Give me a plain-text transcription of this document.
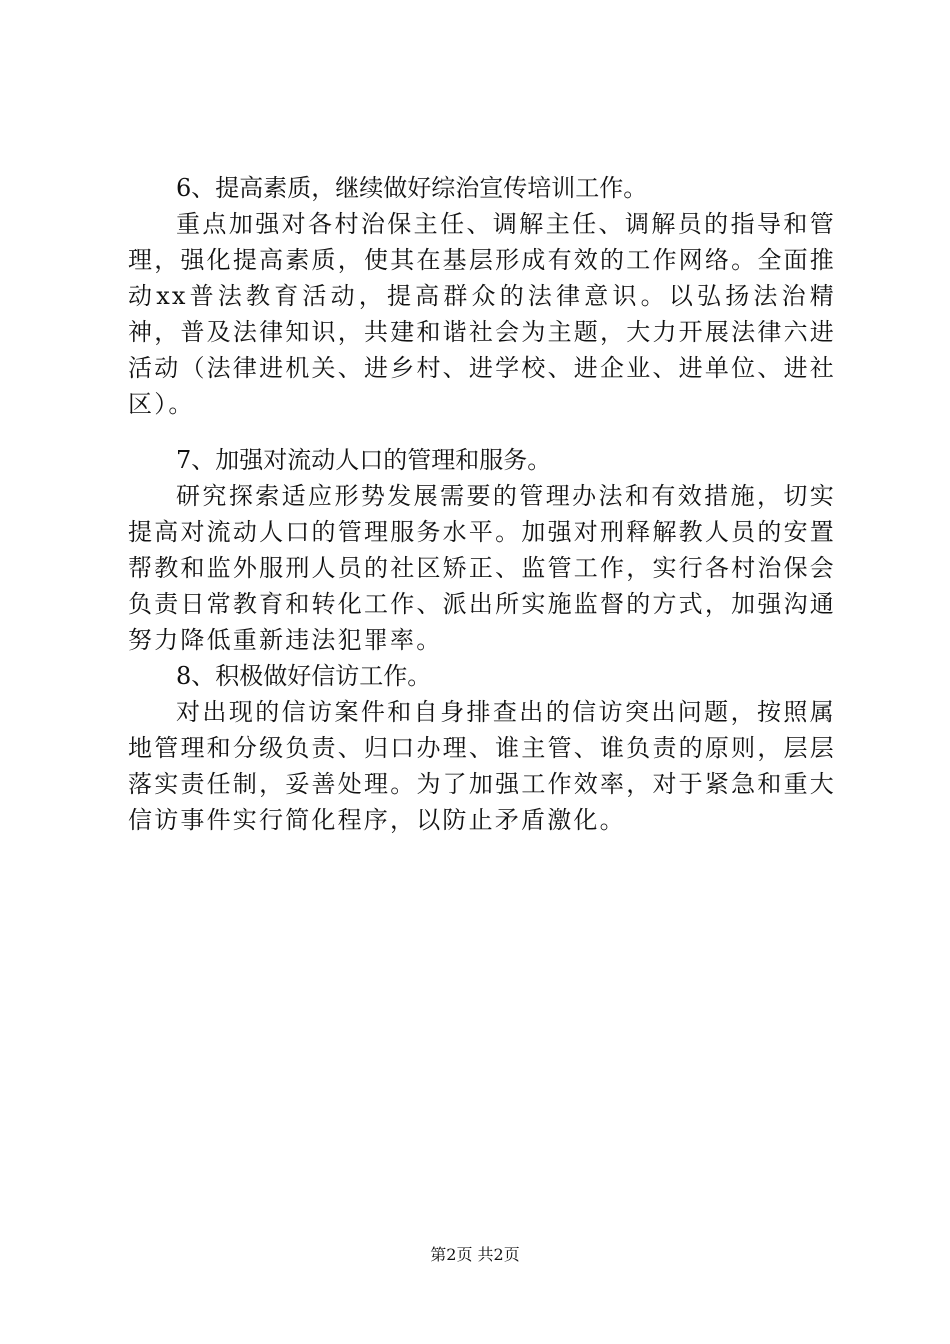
6、提高素质，继续做好综治宣传培训工作。

重点加强对各村治保主任、调解主任、调解员的指导和管理，强化提高素质，使其在基层形成有效的工作网络。全面推动xx普法教育活动，提高群众的法律意识。以弘扬法治精神，普及法律知识，共建和谐社会为主题，大力开展法律六进活动（法律进机关、进乡村、进学校、进企业、进单位、进社区）。

7、加强对流动人口的管理和服务。

研究探索适应形势发展需要的管理办法和有效措施，切实提高对流动人口的管理服务水平。加强对刑释解教人员的安置帮教和监外服刑人员的社区矫正、监管工作，实行各村治保会负责日常教育和转化工作、派出所实施监督的方式，加强沟通努力降低重新违法犯罪率。

8、积极做好信访工作。

对出现的信访案件和自身排查出的信访突出问题，按照属地管理和分级负责、归口办理、谁主管、谁负责的原则，层层落实责任制，妥善处理。为了加强工作效率，对于紧急和重大信访事件实行简化程序，以防止矛盾激化。

第2页 共2页
